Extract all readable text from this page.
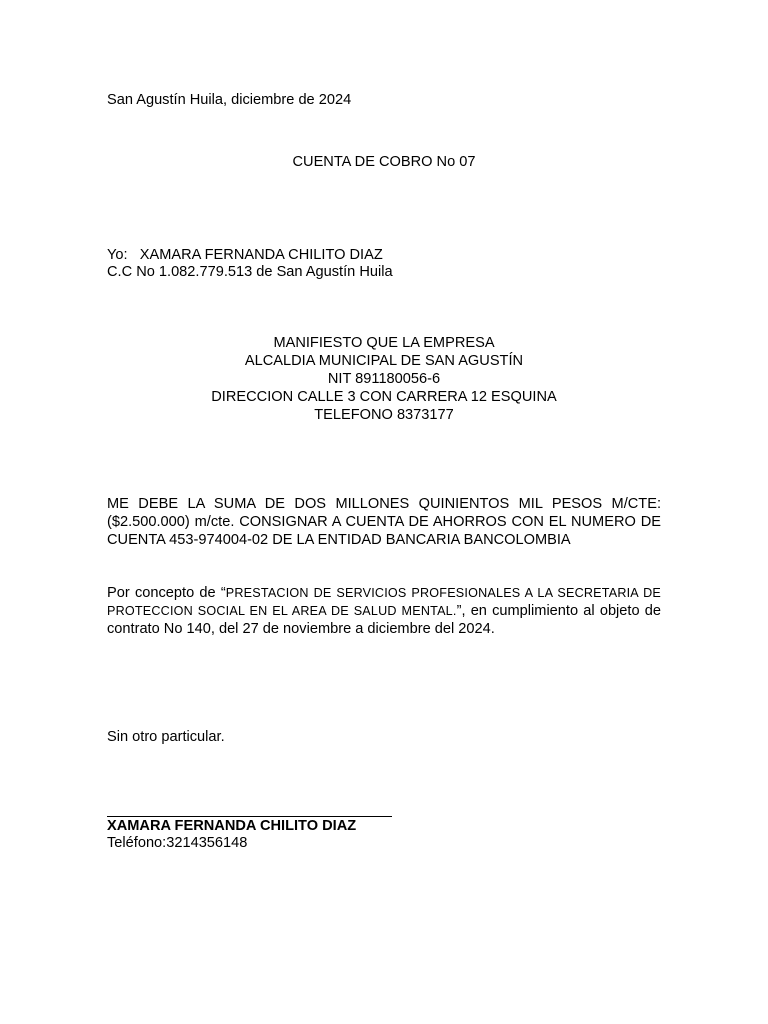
San Agustín Huila, diciembre de 2024
CUENTA DE COBRO No 07
Yo: XAMARA FERNANDA CHILITO DIAZ
C.C No 1.082.779.513 de San Agustín Huila
MANIFIESTO QUE LA EMPRESA
ALCALDIA MUNICIPAL DE SAN AGUSTÍN
NIT 891180056-6
DIRECCION CALLE 3 CON CARRERA 12 ESQUINA
TELEFONO 8373177
ME DEBE LA SUMA DE DOS MILLONES QUINIENTOS MIL PESOS M/CTE: ($2.500.000) m/cte. CONSIGNAR A CUENTA DE AHORROS CON EL NUMERO DE CUENTA 453-974004-02 DE LA ENTIDAD BANCARIA BANCOLOMBIA
Por concepto de “PRESTACION DE SERVICIOS PROFESIONALES A LA SECRETARIA DE PROTECCION SOCIAL EN EL AREA DE SALUD MENTAL.”, en cumplimiento al objeto de contrato No 140, del 27 de noviembre a diciembre del 2024.
Sin otro particular.
XAMARA FERNANDA CHILITO DIAZ
Teléfono:3214356148
